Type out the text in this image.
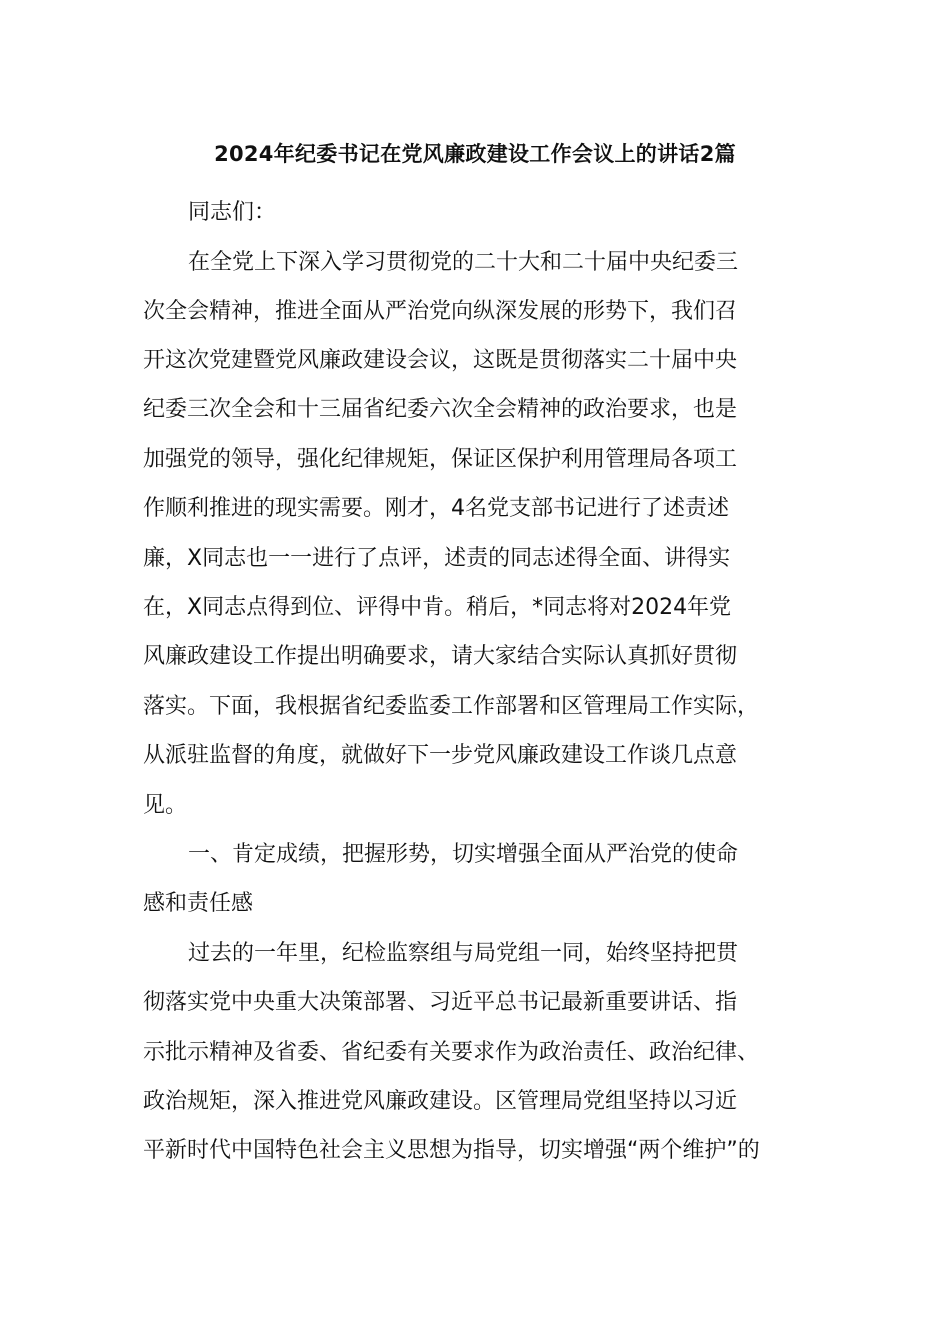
2024年纪委书记在党风廉政建设工作会议上的讲话2篇
同志们：
在全党上下深入学习贯彻党的二十大和二十届中央纪委三
次全会精神，推进全面从严治党向纵深发展的形势下，我们召
开这次党建暨党风廉政建设会议，这既是贯彻落实二十届中央
纪委三次全会和十三届省纪委六次全会精神的政治要求，也是
加强党的领导，强化纪律规矩，保证区保护利用管理局各项工
作顺利推进的现实需要。刚才，4名党支部书记进行了述责述
廉，X同志也一一进行了点评，述责的同志述得全面、讲得实
在，X同志点得到位、评得中肯。稍后，*同志将对2024年党
风廉政建设工作提出明确要求，请大家结合实际认真抓好贯彻
落实。下面，我根据省纪委监委工作部署和区管理局工作实际，
从派驻监督的角度，就做好下一步党风廉政建设工作谈几点意
见。
一、肯定成绩，把握形势，切实增强全面从严治党的使命
感和责任感
过去的一年里，纪检监察组与局党组一同，始终坚持把贯
彻落实党中央重大决策部署、习近平总书记最新重要讲话、指
示批示精神及省委、省纪委有关要求作为政治责任、政治纪律、
政治规矩，深入推进党风廉政建设。区管理局党组坚持以习近
平新时代中国特色社会主义思想为指导，切实增强“两个维护”的
